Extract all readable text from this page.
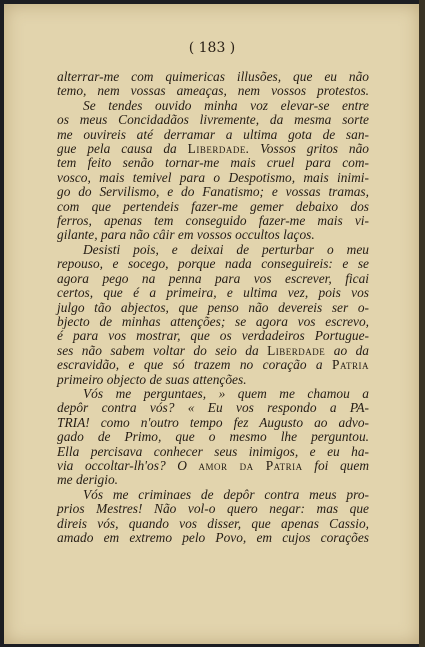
( 183 )
alterrar-me com quimericas illusões, que eu não
temo, nem vossas ameaças, nem vossos protestos.
Se tendes ouvido minha voz elevar-se entre
os meus Concidadãos livremente, da mesma sorte
me ouvireis até derramar a ultima gota de san-
gue pela causa da Liberdade. Vossos gritos não
tem feito senão tornar-me mais cruel para com-
vosco, mais temivel para o Despotismo, mais inimi-
go do Servilismo, e do Fanatismo; e vossas tramas,
com que pertendeis fazer-me gemer debaixo dos
ferros, apenas tem conseguido fazer-me mais vi-
gilante, para não câir em vossos occultos laços.
Desisti pois, e deixai de perturbar o meu
repouso, e socego, porque nada conseguireis: e se
agora pego na penna para vos escrever, ficai
certos, que é a primeira, e ultima vez, pois vos
julgo tão abjectos, que penso não devereis ser o-
bjecto de minhas attenções; se agora vos escrevo,
é para vos mostrar, que os verdadeiros Portugue-
ses não sabem voltar do seio da Liberdade ao da
escravidão, e que só trazem no coração a Patria
primeiro objecto de suas attenções.
Vós me perguntaes, » quem me chamou a
depôr contra vós? « Eu vos respondo a PA-
TRIA! como n'outro tempo fez Augusto ao advo-
gado de Primo, que o mesmo lhe perguntou.
Ella percisava conhecer seus inimigos, e eu ha-
via occoltar-lh'os? O amor da Patria foi quem
me derigio.
Vós me criminaes de depôr contra meus pro-
prios Mestres! Não vol-o quero negar: mas que
direis vós, quando vos disser, que apenas Cassio,
amado em extremo pelo Povo, em cujos corações
